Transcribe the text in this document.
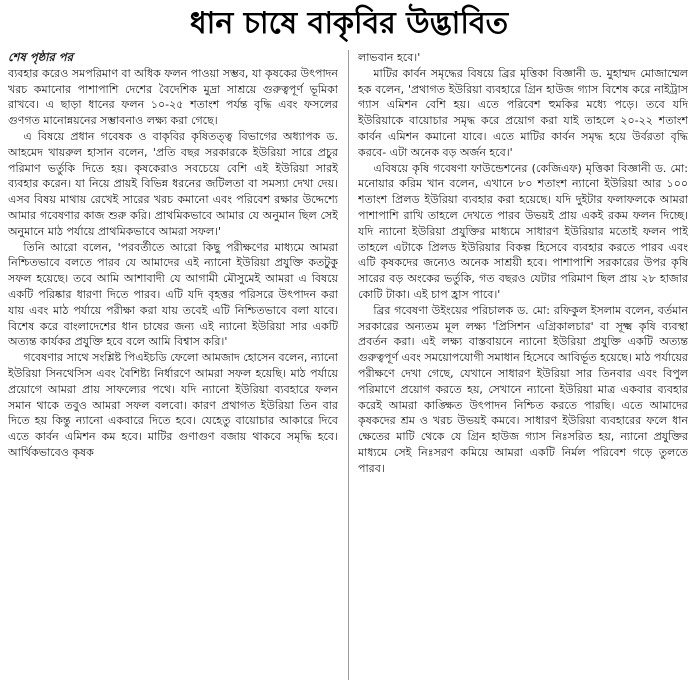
ধান চাষে বাকৃবির উদ্ভাবিত

শেষ পৃষ্ঠার পর

ব্যবহার করেও সমপরিমাণ বা অধিক ফলন পাওয়া সম্ভব, যা কৃষকের উৎপাদন খরচ কমানোর পাশাপাশি দেশের বৈদেশিক মুদ্রা সাশ্রয়ে গুরুত্বপূর্ণ ভূমিকা রাখবে। এ ছাড়া ধানের ফলন ১০-২৫ শতাংশ পর্যন্ত বৃদ্ধি এবং ফসলের গুণগত মানোন্নয়নের সম্ভাবনাও লক্ষ্য করা গেছে।

এ বিষয়ে প্রধান গবেষক ও বাকৃবির কৃষিতত্ত্ব বিভাগের অধ্যাপক ড. আহমেদ খায়রুল হাসান বলেন, 'প্রতি বছর সরকারকে ইউরিয়া সারে প্রচুর পরিমাণ ভর্তুকি দিতে হয়। কৃষকেরাও সবচেয়ে বেশি এই ইউরিয়া সারই ব্যবহার করেন। যা নিয়ে প্রায়ই বিভিন্ন ধরনের জটিলতা বা সমস্যা দেখা দেয়। এসব বিষয় মাথায় রেখেই সারের খরচ কমানো এবং পরিবেশ রক্ষার উদ্দেশ্যে আমার গবেষণার কাজ শুরু করি। প্রাথমিকভাবে আমার যে অনুমান ছিল সেই অনুমানে মাঠ পর্যায়ে প্রাথমিকভাবে আমরা সফল।'

তিনি আরো বলেন, 'পরবর্তীতে আরো কিছু পরীক্ষণের মাধ্যমে আমরা নিশ্চিতভাবে বলতে পারব যে আমাদের এই ন্যানো ইউরিয়া প্রযুক্তি কতটুকু সফল হয়েছে। তবে আমি আশাবাদী যে আগামী মৌসুমেই আমরা এ বিষয়ে একটি পরিষ্কার ধারণা দিতে পারব। এটি যদি বৃহত্তর পরিসরে উৎপাদন করা যায় এবং মাঠ পর্যায়ে পরীক্ষা করা যায় তবেই এটি নিশ্চিতভাবে বলা যাবে। বিশেষ করে বাংলাদেশের ধান চাষের জন্য এই ন্যানো ইউরিয়া সার একটি অত্যন্ত কার্যকর প্রযুক্তি হবে বলে আমি বিশ্বাস করি।'

গবেষণার সাথে সংশ্লিষ্ট পিএইচডি ফেলো আমজাদ হোসেন বলেন, ন্যানো ইউরিয়া সিনথেসিস এবং বৈশিষ্ট্য নির্ধারণে আমরা সফল হয়েছি। মাঠ পর্যায়ে প্রয়োগে আমরা প্রায় সাফল্যের পথে। যদি ন্যানো ইউরিয়া ব্যবহারে ফলন সমান থাকে তবুও আমরা সফল বলবো। কারণ প্রথাগত ইউরিয়া তিন বার দিতে হয় কিন্তু ন্যানো একবারে দিতে হবে। যেহেতু বায়োচার আকারে দিবে এতে কার্বন এমিশন কম হবে। মাটির গুণাগুণ বজায় থাকবে সমৃদ্ধি হবে। আর্থিকভাবেও কৃষক

লাভবান হবে।'

মাটির কার্বন সমৃদ্ধের বিষয়ে ব্রির মৃত্তিকা বিজ্ঞানী ড. মুহাম্মদ মোজাম্মেল হক বলেন, 'প্রথাগত ইউরিয়া ব্যবহারে গ্রিন হাউজ গ্যাস বিশেষ করে নাইট্রাস গ্যাস এমিশন বেশি হয়। এতে পরিবেশ হুমকির মধ্যে পড়ে। তবে যদি ইউরিয়াকে বায়োচার সমৃদ্ধ করে প্রয়োগ করা যাই তাহলে ২০-২২ শতাংশ কার্বন এমিশন কমানো যাবে। এতে মাটির কার্বন সমৃদ্ধ হয়ে উর্বরতা বৃদ্ধি করবে- এটা অনেক বড় অর্জন হবে।'

এবিষয়ে কৃষি গবেষণা ফাউন্ডেশনের (কেজিএফ) মৃত্তিকা বিজ্ঞানী ড. মো: মনোয়ার করিম খান বলেন, এখানে ৮০ শতাংশ ন্যানো ইউরিয়া আর ১০০ শতাংশ প্রিলড ইউরিয়া ব্যবহার করা হয়েছে। যদি দুইটার ফলাফলকে আমরা পাশাপাশি রাখি তাহলে দেখতে পারব উভয়ই প্রায় একই রকম ফলন দিচ্ছে। যদি ন্যানো ইউরিয়া প্রযুক্তির মাধ্যমে সাধারণ ইউরিয়ার মতোই ফলন পাই তাহলে এটাকে প্রিলড ইউরিয়ার বিকল্প হিসেবে ব্যবহার করতে পারব এবং এটি কৃষকদের জন্যেও অনেক সাশ্রয়ী হবে। পাশাপাশি সরকারের উপর কৃষি সারের বড় অংকের ভর্তুকি, গত বছরও যেটার পরিমাণ ছিল প্রায় ২৮ হাজার কোটি টাকা। এই চাপ হ্রাস পাবে।'

ব্রির গবেষণা উইংয়ের পরিচালক ড. মো: রফিকুল ইসলাম বলেন, বর্তমান সরকারের অন্যতম মূল লক্ষ্য 'প্রিসিশন এগ্রিকালচার' বা সূক্ষ্ম কৃষি ব্যবস্থা প্রবর্তন করা। এই লক্ষ্য বাস্তবায়নে ন্যানো ইউরিয়া প্রযুক্তি একটি অত্যন্ত গুরুত্বপূর্ণ এবং সময়োপযোগী সমাধান হিসেবে আবির্ভূত হয়েছে। মাঠ পর্যায়ের পরীক্ষণে দেখা গেছে, যেখানে সাধারণ ইউরিয়া সার তিনবার এবং বিপুল পরিমাণে প্রয়োগ করতে হয়, সেখানে ন্যানো ইউরিয়া মাত্র একবার ব্যবহার করেই আমরা কাঙ্ক্ষিত উৎপাদন নিশ্চিত করতে পারছি। এতে আমাদের কৃষকদের শ্রম ও খরচ উভয়ই কমবে। সাধারণ ইউরিয়া ব্যবহারের ফলে ধান ক্ষেতের মাটি থেকে যে গ্রিন হাউজ গ্যাস নিঃসরিত হয়, ন্যানো প্রযুক্তির মাধ্যমে সেই নিঃসরণ কমিয়ে আমরা একটি নির্মল পরিবেশ গড়ে তুলতে পারব।
